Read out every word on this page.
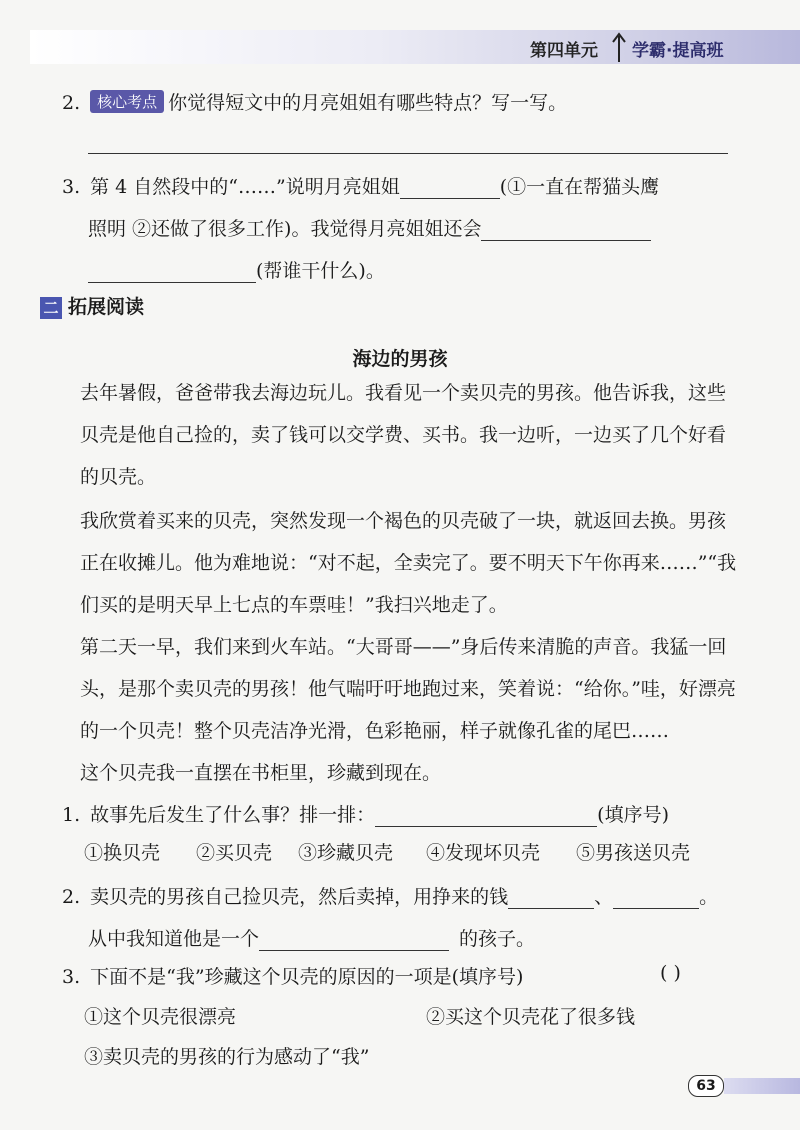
第四单元 学霸·提高班
2. 核心考点 你觉得短文中的月亮姐姐有哪些特点？写一写。
3. 第 4 自然段中的“……”说明月亮姐姐	(①一直在帮猫头鹰
照明 ②还做了很多工作)。我觉得月亮姐姐还会
(帮谁干什么)。
二 拓展阅读
海边的男孩
去年暑假，爸爸带我去海边玩儿。我看见一个卖贝壳的男孩。他告诉我，这些贝壳是他自己捡的，卖了钱可以交学费、买书。我一边听，一边买了几个好看的贝壳。
我欣赏着买来的贝壳，突然发现一个褐色的贝壳破了一块，就返回去换。男孩正在收摊儿。他为难地说：“对不起，全卖完了。要不明天下午你再来……”“我们买的是明天早上七点的车票哇！”我扫兴地走了。
第二天一早，我们来到火车站。“大哥哥——”身后传来清脆的声音。我猛一回头，是那个卖贝壳的男孩！他气喘吁吁地跑过来，笑着说：“给你。”哇，好漂亮的一个贝壳！整个贝壳洁净光滑，色彩艳丽，样子就像孔雀的尾巴……
这个贝壳我一直摆在书柜里，珍藏到现在。
1. 故事先后发生了什么事？排一排：	(填序号)
①换贝壳 ②买贝壳 ③珍藏贝壳 ④发现坏贝壳 ⑤男孩送贝壳
2. 卖贝壳的男孩自己捡贝壳，然后卖掉，用挣来的钱	、	。
从中我知道他是一个	的孩子。
3. 下面不是“我”珍藏这个贝壳的原因的一项是(填序号)	( )
①这个贝壳很漂亮	②买这个贝壳花了很多钱
③卖贝壳的男孩的行为感动了“我”
63
